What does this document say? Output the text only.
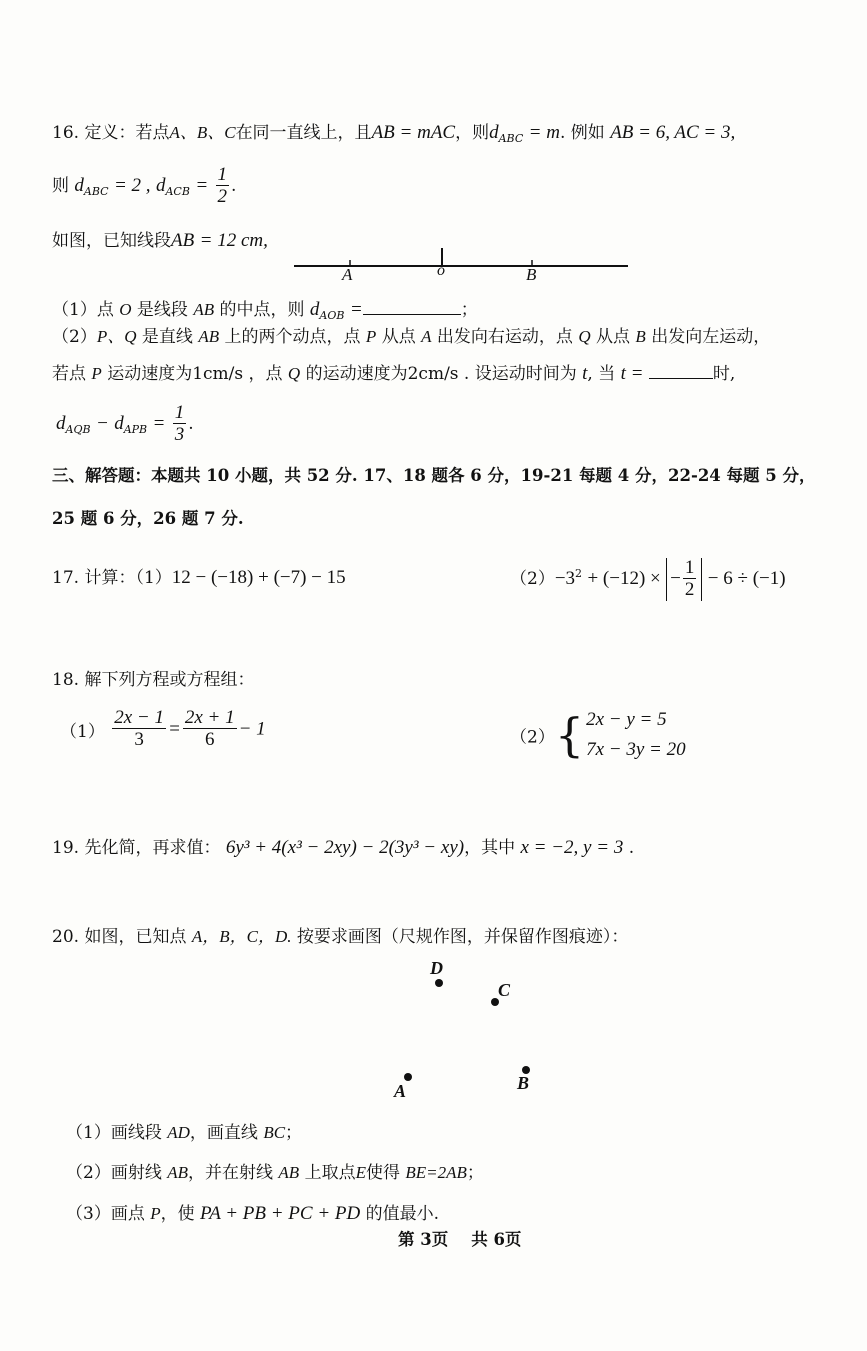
16. 定义：若点A、B、C在同一直线上，且AB = mAC，则$d_{ABC} = m$. 例如 AB = 6, AC = 3,
则 $d_{ABC} = 2$ , $d_{ACB} = \frac{1}{2}$ .
如图，已知线段AB = 12 cm,
A	o	B
（1）点 O 是线段 AB 的中点，则 $d_{AOB}$ =	；
（2）P、Q 是直线 AB 上的两个动点，点 P 从点 A 出发向右运动，点 Q 从点 B 出发向左运动，
若点 P 运动速度为1cm/s ，点 Q 的运动速度为2cm/s . 设运动时间为 t, 当 t =	时,
$d_{AQB} - d_{APB} = \frac{1}{3}$ .
三、解答题：本题共 10 小题，共 52 分. 17、18 题各 6 分，19-21 每题 4 分，22-24 每题 5 分，
25 题 6 分，26 题 7 分.
17. 计算：（1）12 − (−18) + (−7) − 15	$(2)-3^2 + (-12)$ × − $\frac{1}{2} - 6 \div (-1)$
18. 解下列方程或方程组：
$(1) \frac{2x - 1}{3} = \frac{2x + 1}{6} - 1$	（2）{ 2x − y = 5
7x − 3y = 20
19. 先化简，再求值： 6y³ + 4(x³ − 2xy) − 2(3y³ − xy)，其中 x = −2, y = 3 .
20. 如图，已知点 A，B，C，D. 按要求画图（尺规作图，并保留作图痕迹）：
D
C
A	B
（1）画线段 AD，画直线 BC；
（2）画射线 AB，并在射线 AB 上取点E使得 BE=2AB；
（3）画点 P，使 PA + PB + PC + PD 的值最小.
第 3页    共 6页
